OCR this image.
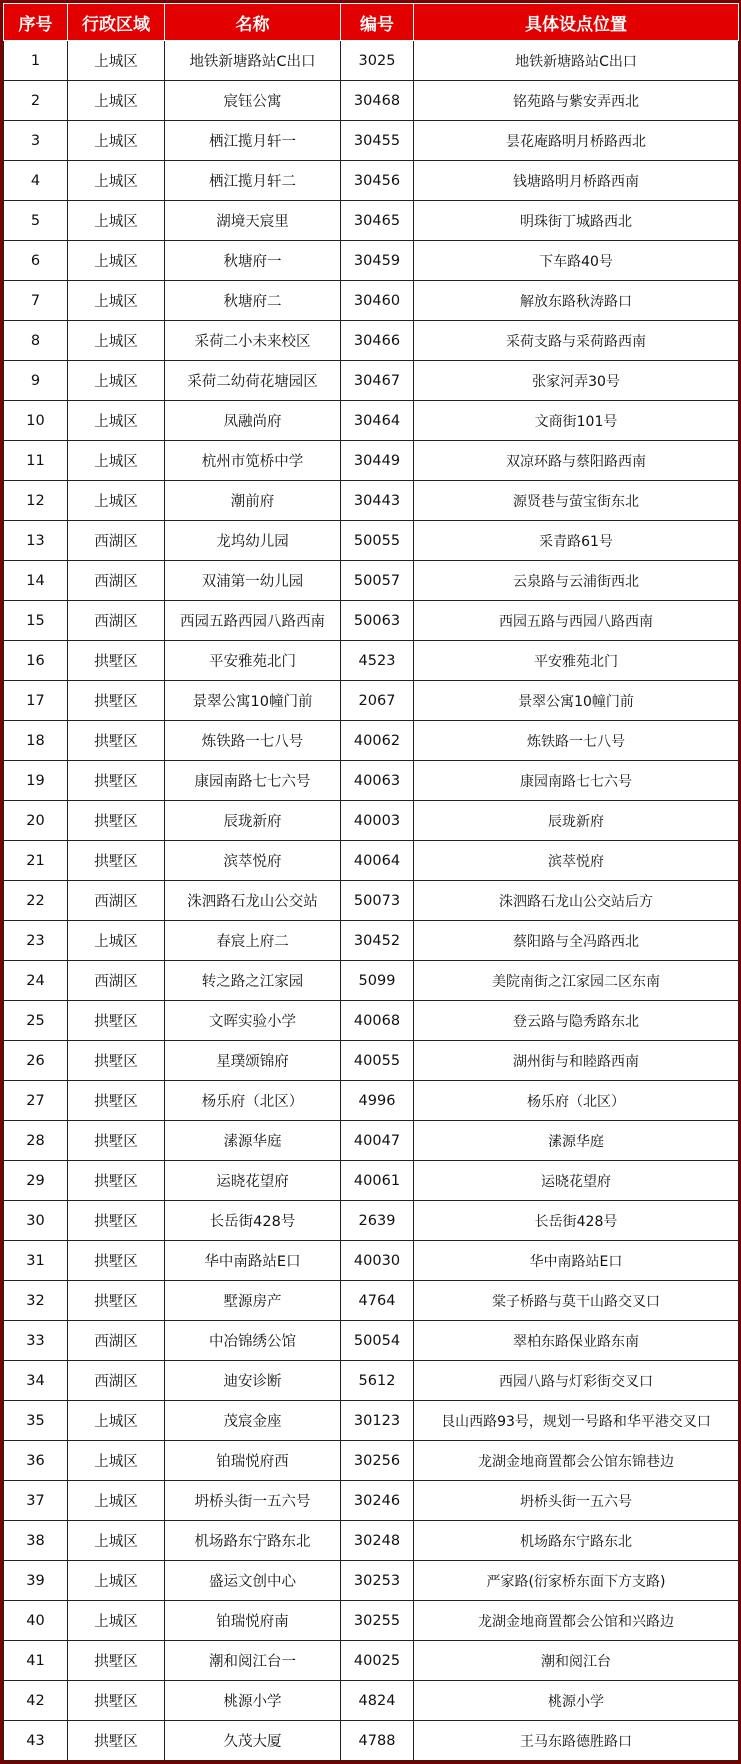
序号	行政区域	名称	编号	具体设点位置
1	上城区	地铁新塘路站C出口	3025	地铁新塘路站C出口
2	上城区	宸钰公寓	30468	铭苑路与紫安弄西北
3	上城区	栖江揽月轩一	30455	昙花庵路明月桥路西北
4	上城区	栖江揽月轩二	30456	钱塘路明月桥路西南
5	上城区	湖境天宸里	30465	明珠街丁城路西北
6	上城区	秋塘府一	30459	下车路40号
7	上城区	秋塘府二	30460	解放东路秋涛路口
8	上城区	采荷二小未来校区	30466	采荷支路与采荷路西南
9	上城区	采荷二幼荷花塘园区	30467	张家河弄30号
10	上城区	凤融尚府	30464	文商街101号
11	上城区	杭州市笕桥中学	30449	双凉环路与蔡阳路西南
12	上城区	潮前府	30443	源贤巷与萤宝街东北
13	西湖区	龙坞幼儿园	50055	采青路61号
14	西湖区	双浦第一幼儿园	50057	云泉路与云浦街西北
15	西湖区	西园五路西园八路西南	50063	西园五路与西园八路西南
16	拱墅区	平安雅苑北门	4523	平安雅苑北门
17	拱墅区	景翠公寓10幢门前	2067	景翠公寓10幢门前
18	拱墅区	炼铁路一七八号	40062	炼铁路一七八号
19	拱墅区	康园南路七七六号	40063	康园南路七七六号
20	拱墅区	辰珑新府	40003	辰珑新府
21	拱墅区	滨萃悦府	40064	滨萃悦府
22	西湖区	洙泗路石龙山公交站	50073	洙泗路石龙山公交站后方
23	上城区	春宸上府二	30452	蔡阳路与全冯路西北
24	西湖区	转之路之江家园	5099	美院南街之江家园二区东南
25	拱墅区	文晖实验小学	40068	登云路与隐秀路东北
26	拱墅区	星璞颂锦府	40055	湖州街与和睦路西南
27	拱墅区	杨乐府（北区）	4996	杨乐府（北区）
28	拱墅区	溸源华庭	40047	溸源华庭
29	拱墅区	运晓花望府	40061	运晓花望府
30	拱墅区	长岳街428号	2639	长岳街428号
31	拱墅区	华中南路站E口	40030	华中南路站E口
32	拱墅区	墅源房产	4764	棠子桥路与莫干山路交叉口
33	西湖区	中冶锦绣公馆	50054	翠柏东路保业路东南
34	西湖区	迪安诊断	5612	西园八路与灯彩街交叉口
35	上城区	茂宸金座	30123	艮山西路93号，规划一号路和华平港交叉口
36	上城区	铂瑞悦府西	30256	龙湖金地商置都会公馆东锦巷边
37	上城区	坍桥头街一五六号	30246	坍桥头街一五六号
38	上城区	机场路东宁路东北	30248	机场路东宁路东北
39	上城区	盛运文创中心	30253	严家路(衍家桥东面下方支路)
40	上城区	铂瑞悦府南	30255	龙湖金地商置都会公馆和兴路边
41	拱墅区	潮和阅江台一	40025	潮和阅江台
42	拱墅区	桃源小学	4824	桃源小学
43	拱墅区	久茂大厦	4788	王马东路德胜路口
